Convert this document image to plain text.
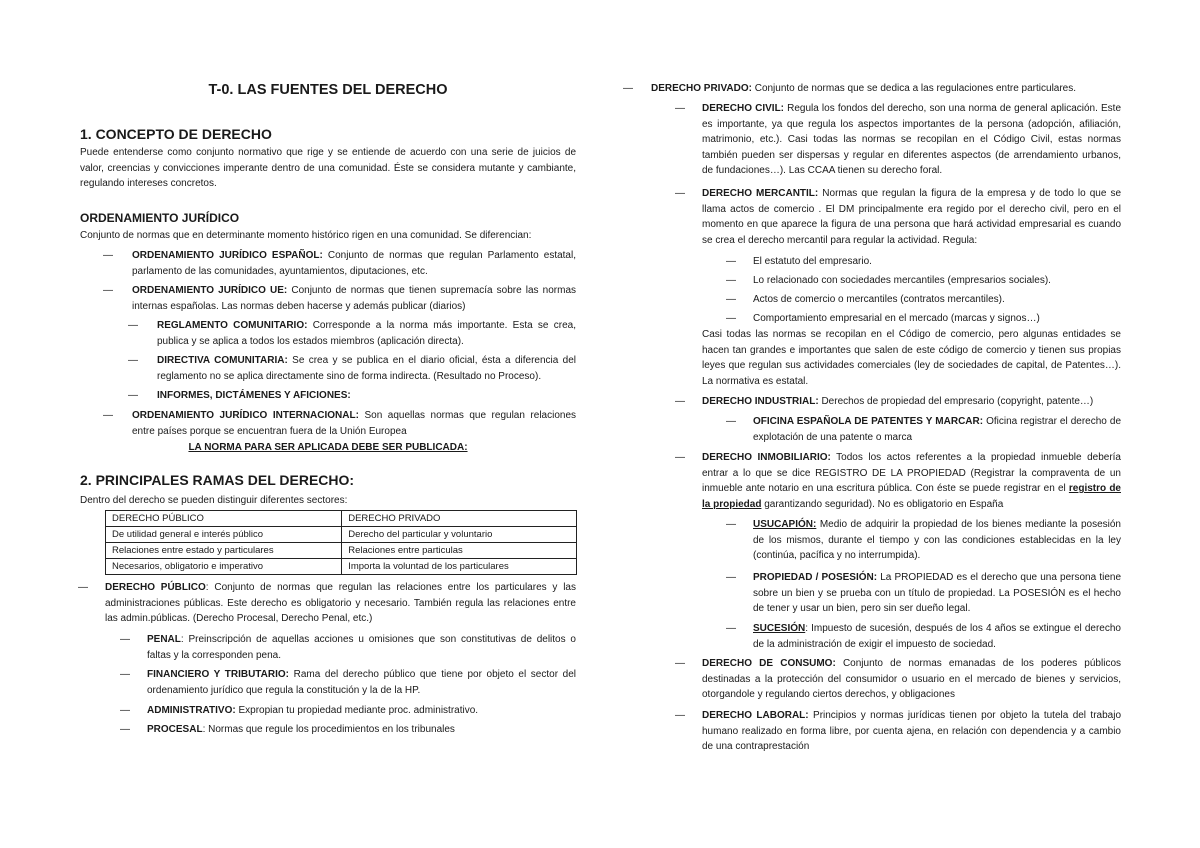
T-0. LAS FUENTES DEL DERECHO
1. CONCEPTO DE DERECHO
Puede entenderse como conjunto normativo que rige y se entiende de acuerdo con una serie de juicios de valor, creencias y convicciones imperante dentro de una comunidad. Éste se considera mutante y cambiante, regulando intereses concretos.
ORDENAMIENTO JURÍDICO
Conjunto de normas que en determinante momento histórico rigen en una comunidad. Se diferencian:
— ORDENAMIENTO JURÍDICO ESPAÑOL: Conjunto de normas que regulan Parlamento estatal, parlamento de las comunidades, ayuntamientos, diputaciones, etc.
— ORDENAMIENTO JURÍDICO UE: Conjunto de normas que tienen supremacía sobre las normas internas españolas. Las normas deben hacerse y además publicar (diarios)
— REGLAMENTO COMUNITARIO: Corresponde a la norma más importante. Esta se crea, publica y se aplica a todos los estados miembros (aplicación directa).
— DIRECTIVA COMUNITARIA: Se crea y se publica en el diario oficial, ésta a diferencia del reglamento no se aplica directamente sino de forma indirecta. (Resultado no Proceso).
— INFORMES, DICTÁMENES Y AFICIONES:
— ORDENAMIENTO JURÍDICO INTERNACIONAL: Son aquellas normas que regulan relaciones entre países porque se encuentran fuera de la Unión Europea
LA NORMA PARA SER APLICADA DEBE SER PUBLICADA:
2. PRINCIPALES RAMAS DEL DERECHO:
Dentro del derecho se pueden distinguir diferentes sectores:
DERECHO PÚBLICO	DERECHO PRIVADO
De utilidad general e interés público	Derecho del particular y voluntario
Relaciones entre estado y particulares	Relaciones entre particulas
Necesarios, obligatorio e imperativo	Importa la voluntad de los particulares
— DERECHO PÚBLICO: Conjunto de normas que regulan las relaciones entre los particulares y las administraciones públicas. Este derecho es obligatorio y necesario. También regula las relaciones entre las admin.públicas. (Derecho Procesal, Derecho Penal, etc.)
— PENAL: Preinscripción de aquellas acciones u omisiones que son constitutivas de delitos o faltas y la corresponden pena.
— FINANCIERO Y TRIBUTARIO: Rama del derecho público que tiene por objeto el sector del ordenamiento jurídico que regula la constitución y la de la HP.
— ADMINISTRATIVO: Expropian tu propiedad mediante proc. administrativo.
— PROCESAL: Normas que regule los procedimientos en los tribunales
— DERECHO PRIVADO: Conjunto de normas que se dedica a las regulaciones entre particulares.
— DERECHO CIVIL: Regula los fondos del derecho, son una norma de general aplicación. Este es importante, ya que regula los aspectos importantes de la persona (adopción, afiliación, matrimonio, etc.). Casi todas las normas se recopilan en el Código Civil, estas normas también pueden ser dispersas y regular en diferentes aspectos (de arrendamiento urbanos, de fundaciones…). Las CCAA tienen su derecho foral.
— DERECHO MERCANTIL: Normas que regulan la figura de la empresa y de todo lo que se llama actos de comercio . El DM principalmente era regido por el derecho civil, pero en el momento en que aparece la figura de una persona que hará actividad empresarial es cuando se crea el derecho mercantil para regular la actividad. Regula:
— El estatuto del empresario.
— Lo relacionado con sociedades mercantiles (empresarios sociales).
— Actos de comercio o mercantiles (contratos mercantiles).
— Comportamiento empresarial en el mercado (marcas y signos…)
Casi todas las normas se recopilan en el Código de comercio, pero algunas entidades se hacen tan grandes e importantes que salen de este código de comercio y tienen sus propias leyes que regulan sus actividades comerciales (ley de sociedades de capital, de Patentes…). La normativa es estatal.
— DERECHO INDUSTRIAL: Derechos de propiedad del empresario (copyright, patente…)
— OFICINA ESPAÑOLA DE PATENTES Y MARCAR: Oficina registrar el derecho de explotación de una patente o marca
— DERECHO INMOBILIARIO: Todos los actos referentes a la propiedad inmueble debería entrar a lo que se dice REGISTRO DE LA PROPIEDAD (Registrar la compraventa de un inmueble ante notario en una escritura pública. Con éste se puede registrar en el registro de la propiedad garantizando seguridad). No es obligatorio en España
— USUCAPIÓN: Medio de adquirir la propiedad de los bienes mediante la posesión de los mismos, durante el tiempo y con las condiciones establecidas en la ley (continúa, pacífica y no interrumpida).
— PROPIEDAD / POSESIÓN: La PROPIEDAD es el derecho que una persona tiene sobre un bien y se prueba con un título de propiedad. La POSESIÓN es el hecho de tener y usar un bien, pero sin ser dueño legal.
— SUCESIÓN: Impuesto de sucesión, después de los 4 años se extingue el derecho de la administración de exigir el impuesto de sociedad.
— DERECHO DE CONSUMO: Conjunto de normas emanadas de los poderes públicos destinadas a la protección del consumidor o usuario en el mercado de bienes y servicios, otorgandole y regulando ciertos derechos, y obligaciones
— DERECHO LABORAL: Principios y normas jurídicas tienen por objeto la tutela del trabajo humano realizado en forma libre, por cuenta ajena, en relación con dependencia y a cambio de una contraprestación
